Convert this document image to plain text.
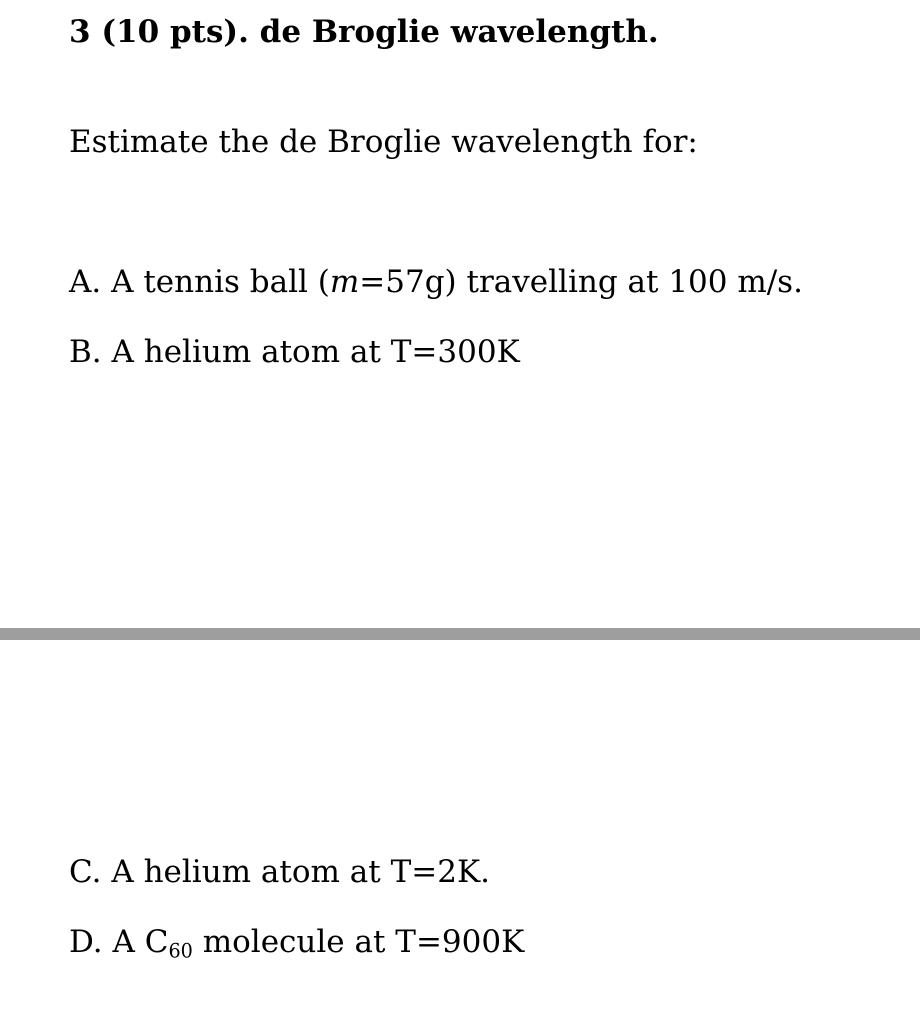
3 (10 pts). de Broglie wavelength.
Estimate the de Broglie wavelength for:
A. A tennis ball (m=57g) travelling at 100 m/s.
B. A helium atom at T=300K
C. A helium atom at T=2K.
D. A $C_{60}$ molecule at T=900K
